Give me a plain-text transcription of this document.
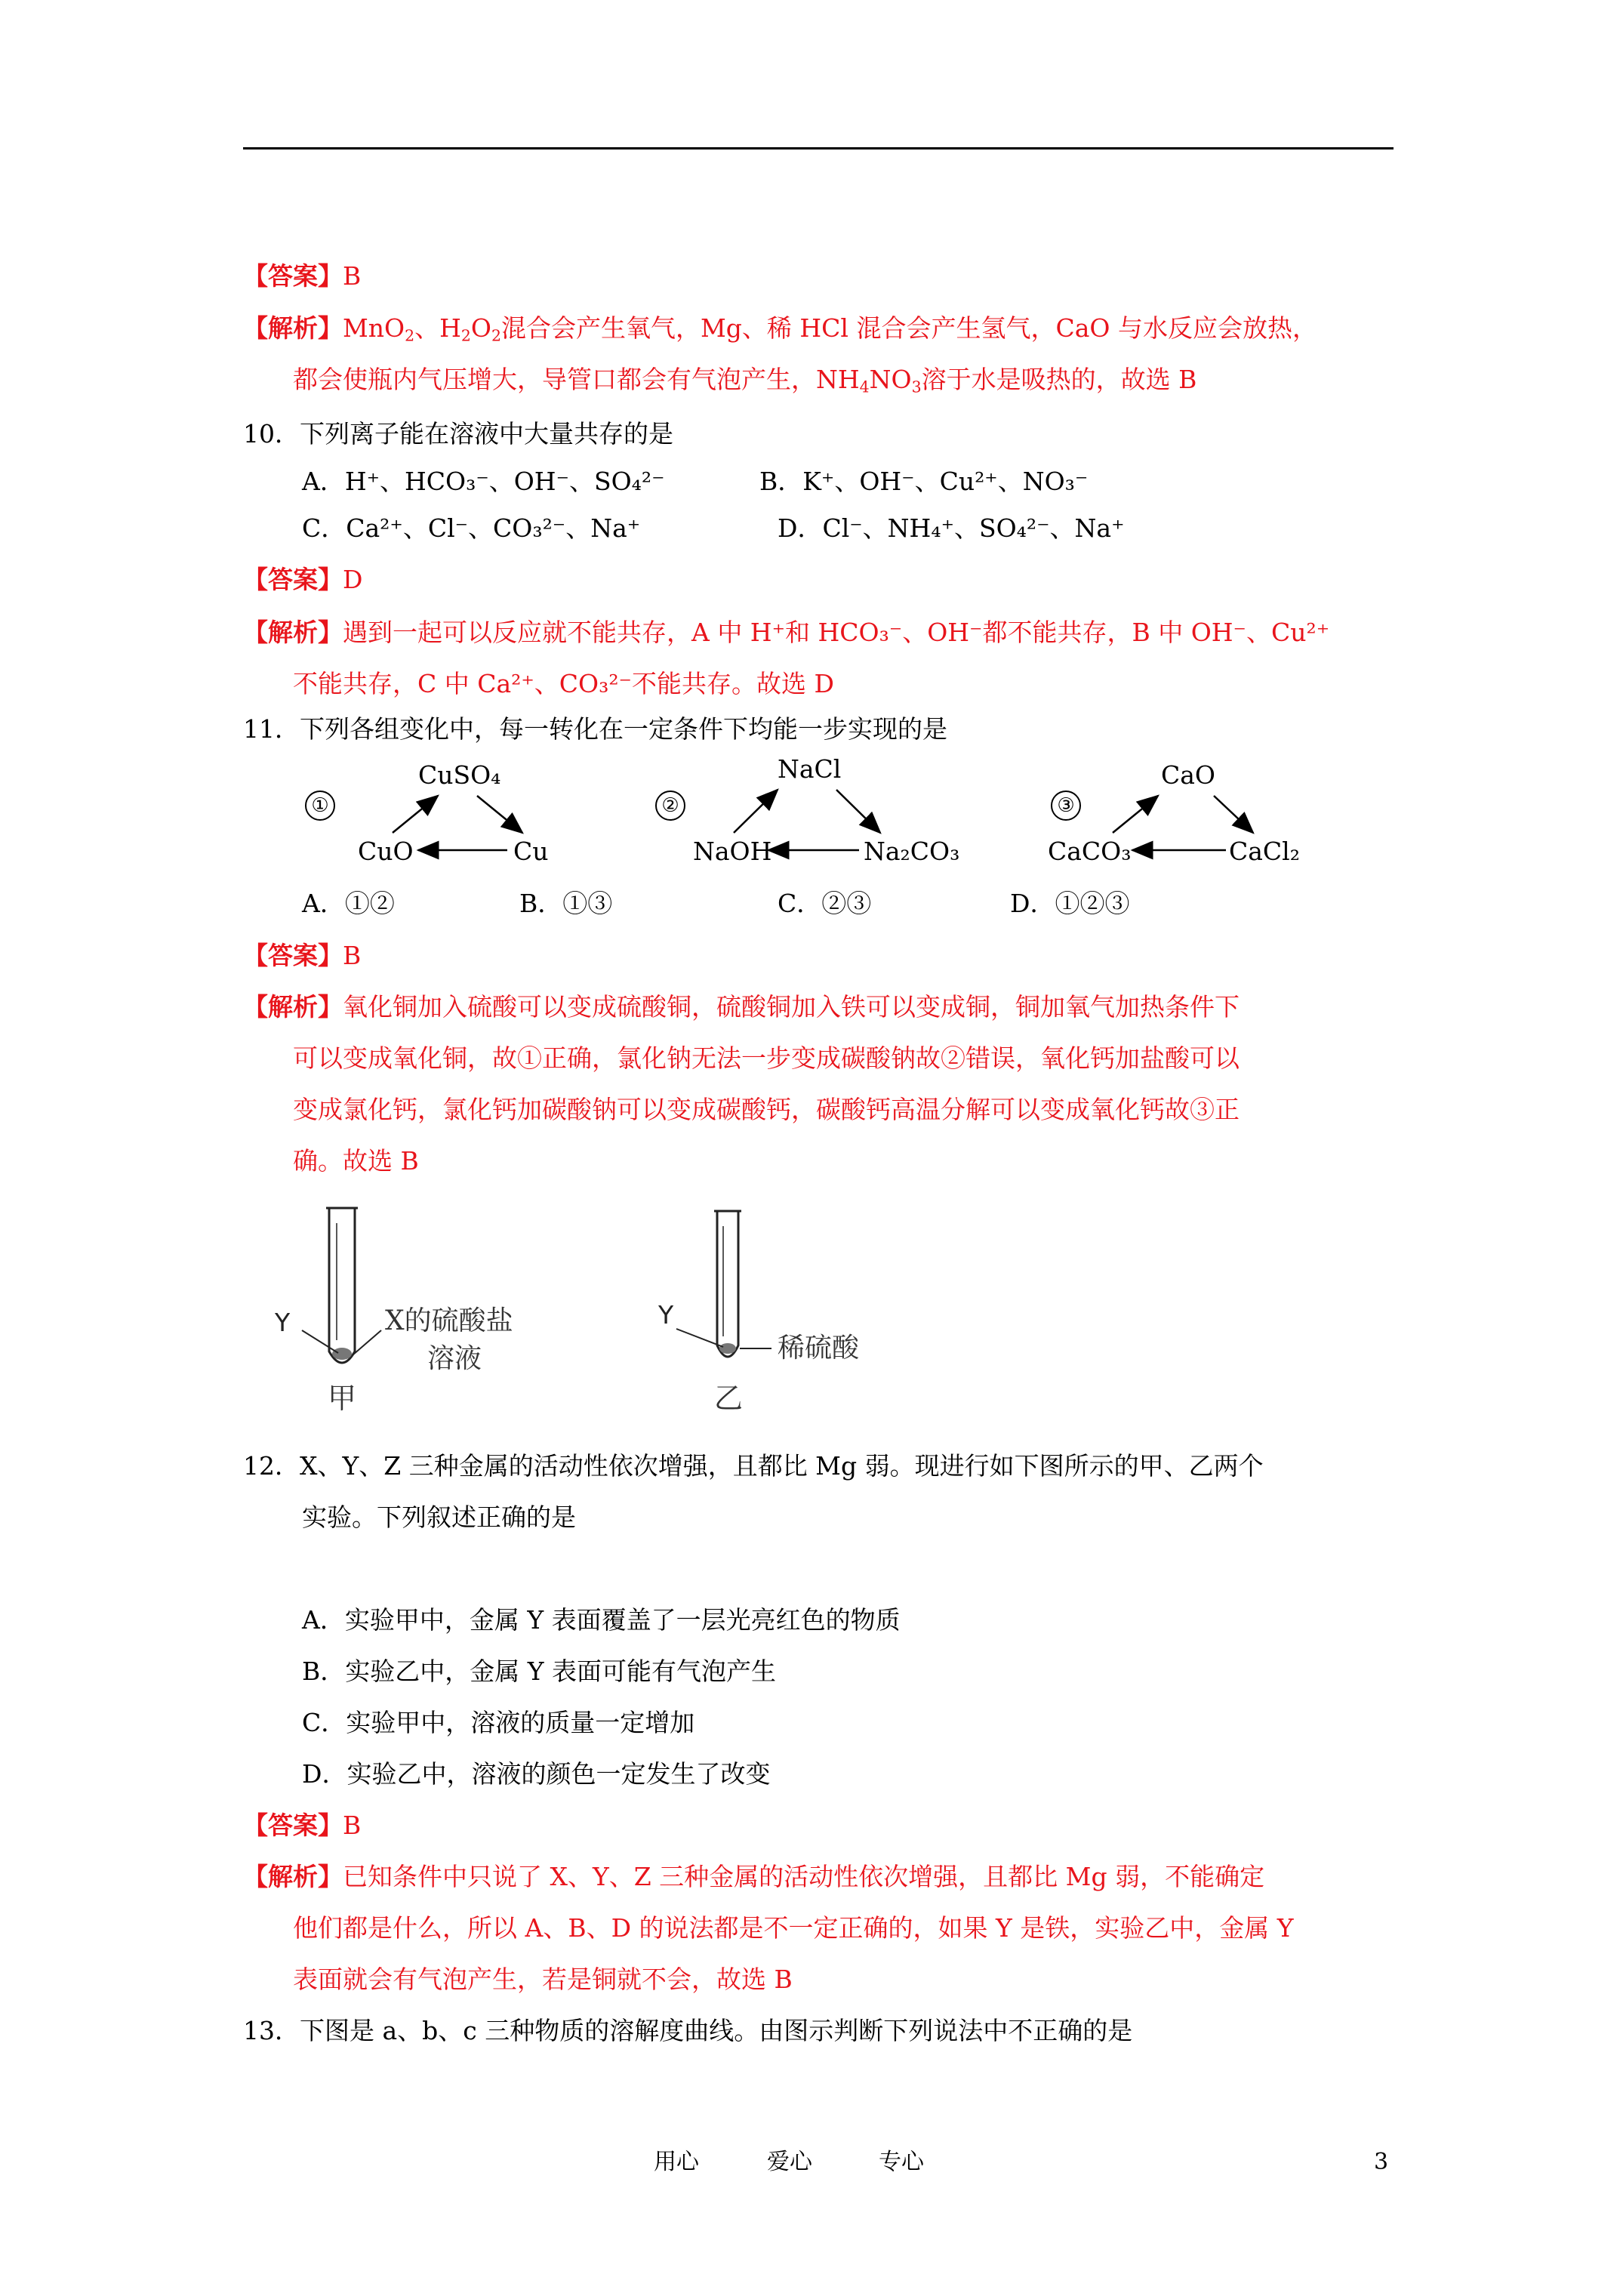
【答案】B
【解析】MnO$_2$、$H_2O_2$混合会产生氧气，Mg、稀 HCl 混合会产生氢气，CaO 与水反应会放热，
都会使瓶内气压增大，导管口都会有气泡产生，$NH_4NO_3$溶于水是吸热的，故选 B
10．下列离子能在溶液中大量共存的是
A．H⁺、HCO₃⁻、OH⁻、SO₄²⁻	B．K⁺、OH⁻、Cu²⁺、NO₃⁻
C．Ca²⁺、Cl⁻、CO₃²⁻、Na⁺	D．Cl⁻、NH₄⁺、SO₄²⁻、Na⁺
【答案】D
【解析】遇到一起可以反应就不能共存，A 中 H⁺和 HCO₃⁻、OH⁻都不能共存，B 中 OH⁻、Cu²⁺
不能共存，C 中 Ca²⁺、CO₃²⁻不能共存。故选 D
11．下列各组变化中，每一转化在一定条件下均能一步实现的是
①
CuSO₄
CuO	Cu
②
NaCl
NaOH	Na₂CO₃
③
CaO
CaCO₃	CaCl₂
A．①②	B．①③	C．②③	D．①②③
【答案】B
【解析】氧化铜加入硫酸可以变成硫酸铜，硫酸铜加入铁可以变成铜，铜加氧气加热条件下
可以变成氧化铜，故①正确，氯化钠无法一步变成碳酸钠故②错误，氧化钙加盐酸可以
变成氯化钙，氯化钙加碳酸钠可以变成碳酸钙，碳酸钙高温分解可以变成氧化钙故③正
确。故选 B
Y	X的硫酸盐
溶液
甲
Y
稀硫酸
乙
12．X、Y、Z 三种金属的活动性依次增强，且都比 Mg 弱。现进行如下图所示的甲、乙两个
实验。下列叙述正确的是
A．实验甲中，金属 Y 表面覆盖了一层光亮红色的物质
B．实验乙中，金属 Y 表面可能有气泡产生
C．实验甲中，溶液的质量一定增加
D．实验乙中，溶液的颜色一定发生了改变
【答案】B
【解析】已知条件中只说了 X、Y、Z 三种金属的活动性依次增强，且都比 Mg 弱，不能确定
他们都是什么，所以 A、B、D 的说法都是不一定正确的，如果 Y 是铁，实验乙中，金属 Y
表面就会有气泡产生，若是铜就不会，故选 B
13．下图是 a、b、c 三种物质的溶解度曲线。由图示判断下列说法中不正确的是
用心	爱心	专心	3
